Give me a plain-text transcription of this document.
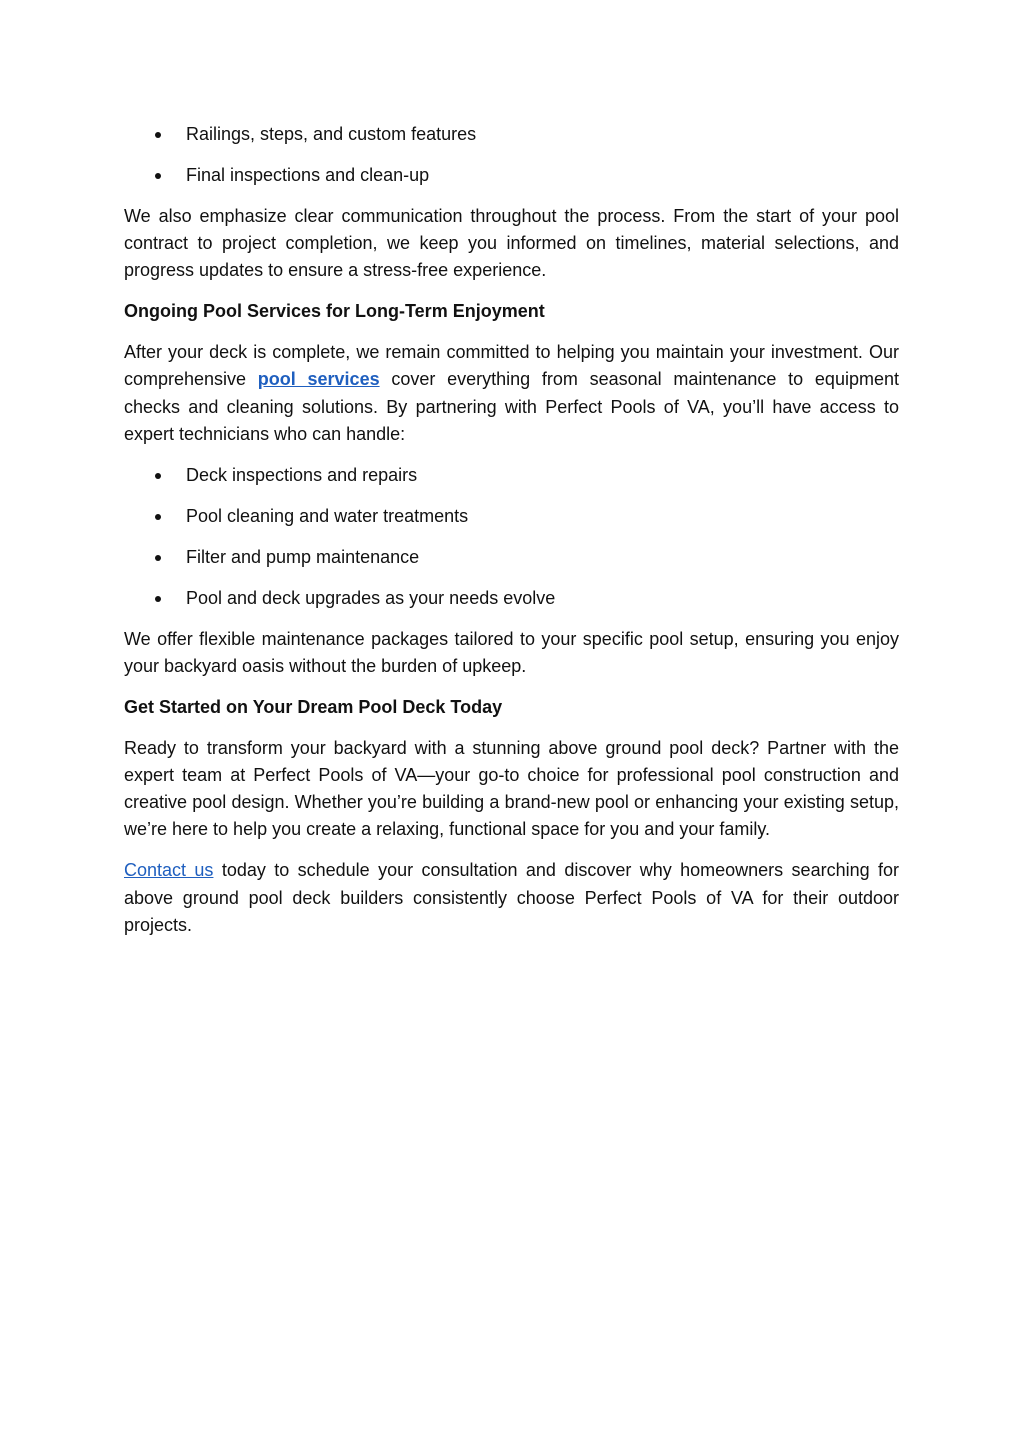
Railings, steps, and custom features
Final inspections and clean-up

We also emphasize clear communication throughout the process. From the start of your pool contract to project completion, we keep you informed on timelines, material selections, and progress updates to ensure a stress-free experience.

Ongoing Pool Services for Long-Term Enjoyment

After your deck is complete, we remain committed to helping you maintain your investment. Our comprehensive pool services cover everything from seasonal maintenance to equipment checks and cleaning solutions. By partnering with Perfect Pools of VA, you’ll have access to expert technicians who can handle:

Deck inspections and repairs
Pool cleaning and water treatments
Filter and pump maintenance
Pool and deck upgrades as your needs evolve

We offer flexible maintenance packages tailored to your specific pool setup, ensuring you enjoy your backyard oasis without the burden of upkeep.

Get Started on Your Dream Pool Deck Today

Ready to transform your backyard with a stunning above ground pool deck? Partner with the expert team at Perfect Pools of VA—your go-to choice for professional pool construction and creative pool design. Whether you’re building a brand-new pool or enhancing your existing setup, we’re here to help you create a relaxing, functional space for you and your family.

Contact us today to schedule your consultation and discover why homeowners searching for above ground pool deck builders consistently choose Perfect Pools of VA for their outdoor projects.
